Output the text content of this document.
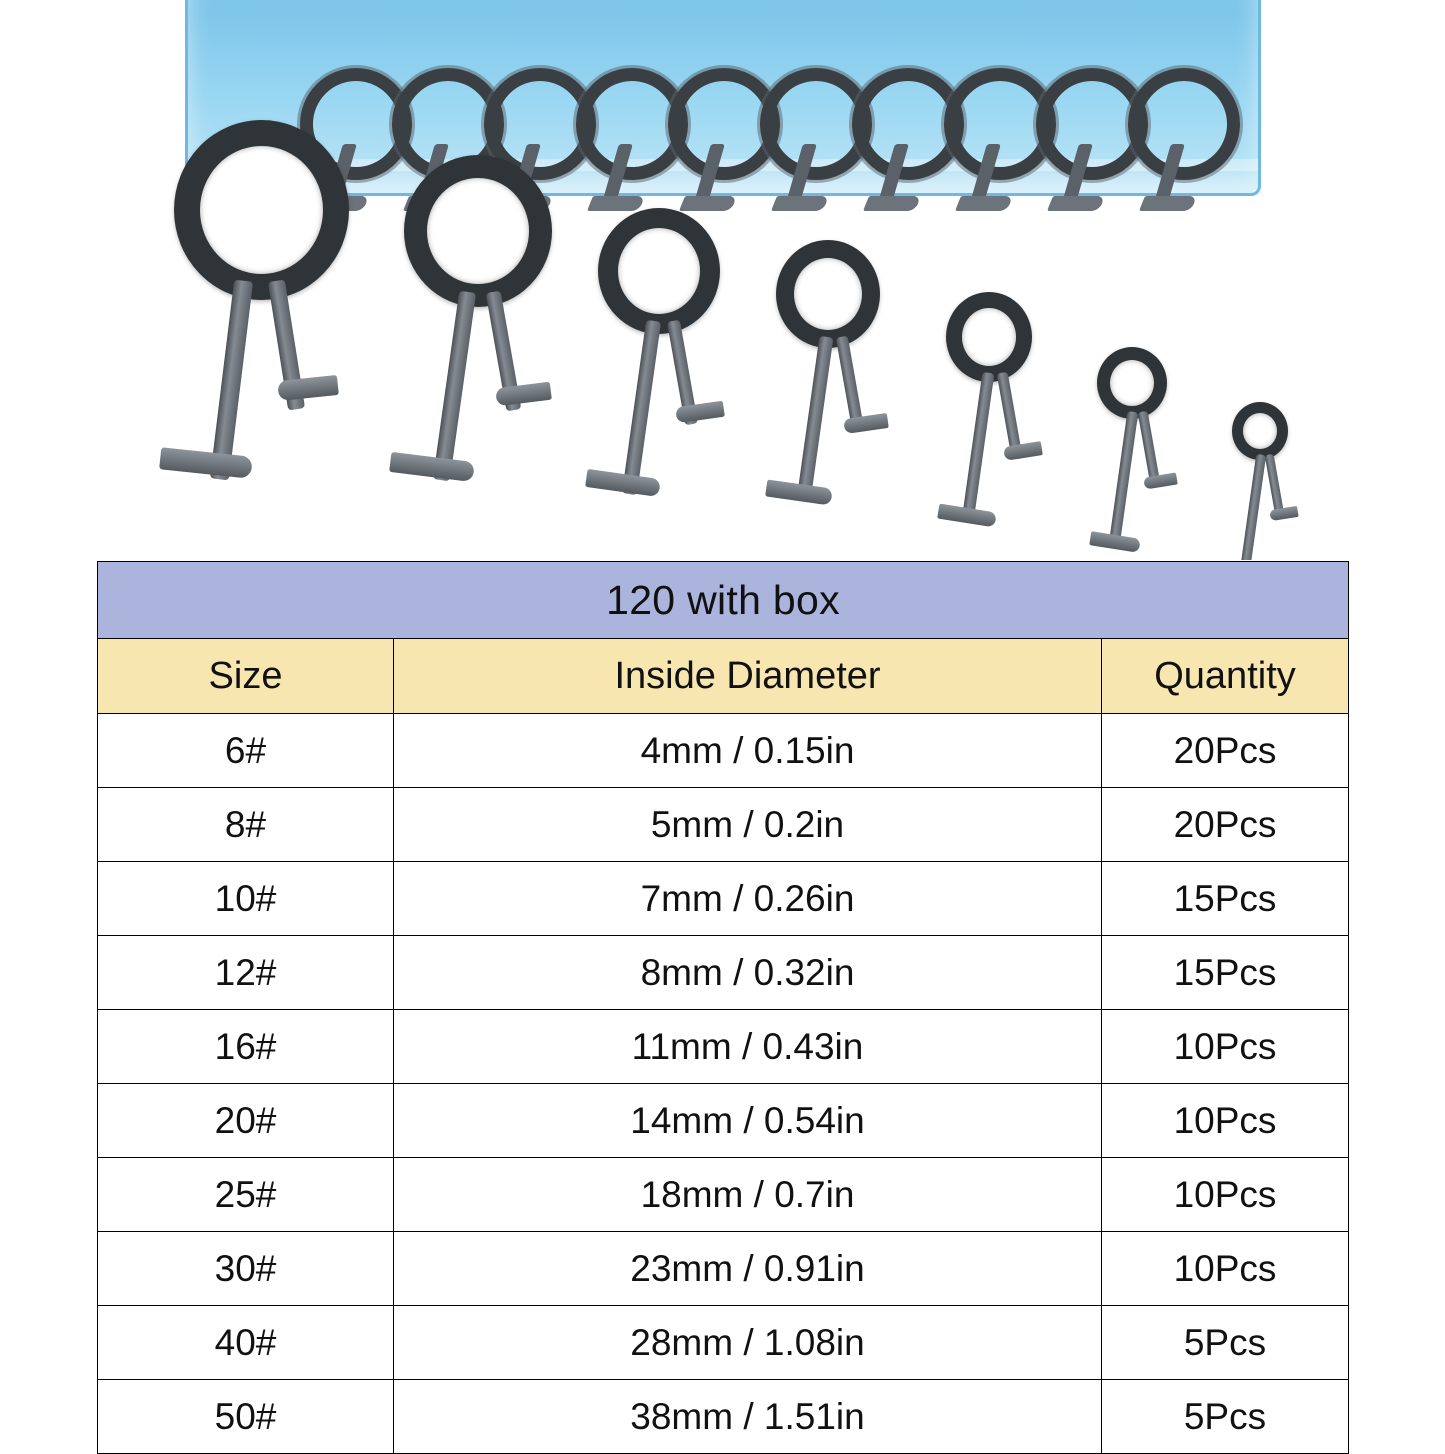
120 with box		
Size	Inside Diameter	Quantity
6#	4mm / 0.15in	20Pcs
8#	5mm / 0.2in	20Pcs
10#	7mm / 0.26in	15Pcs
12#	8mm / 0.32in	15Pcs
16#	11mm / 0.43in	10Pcs
20#	14mm / 0.54in	10Pcs
25#	18mm / 0.7in	10Pcs
30#	23mm / 0.91in	10Pcs
40#	28mm / 1.08in	5Pcs
50#	38mm / 1.51in	5Pcs
